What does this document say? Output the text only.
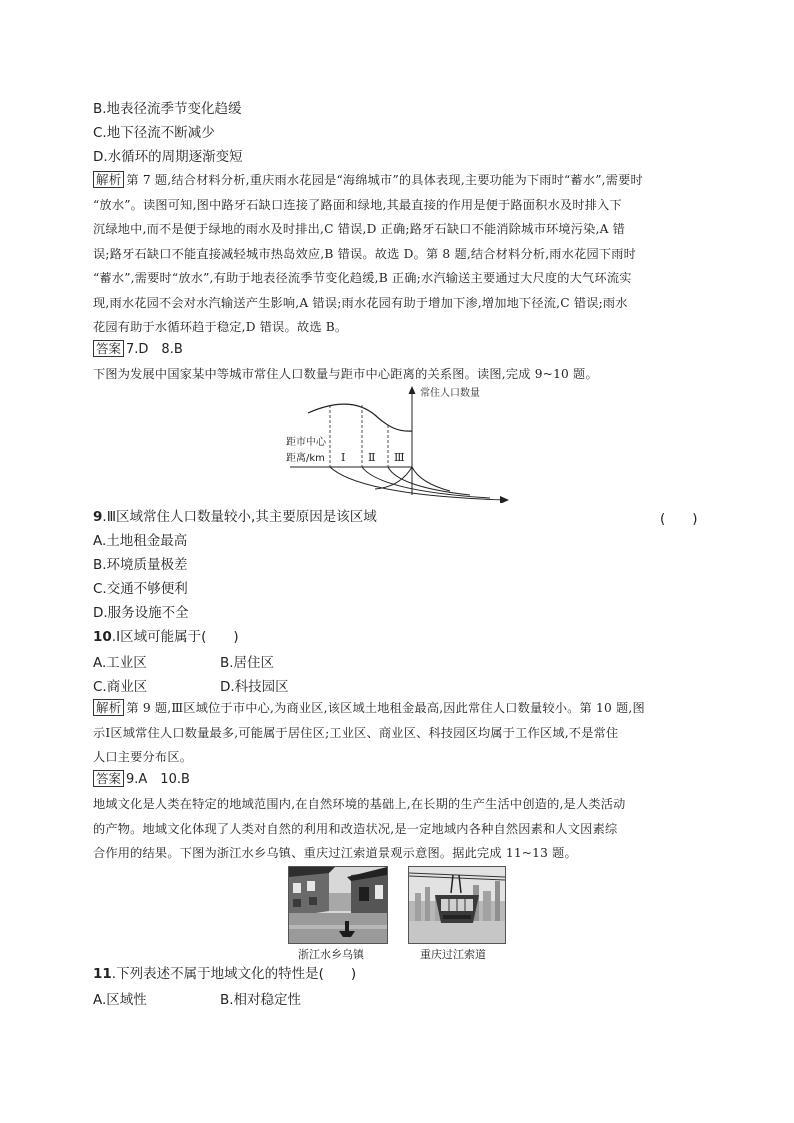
B.地表径流季节变化趋缓
C.地下径流不断减少
D.水循环的周期逐渐变短
解析 第 7 题,结合材料分析,重庆雨水花园是“海绵城市”的具体表现,主要功能为下雨时“蓄水”,需要时
“放水”。读图可知,图中路牙石缺口连接了路面和绿地,其最直接的作用是便于路面积水及时排入下
沉绿地中,而不是便于绿地的雨水及时排出,C 错误,D 正确;路牙石缺口不能消除城市环境污染,A 错
误;路牙石缺口不能直接减轻城市热岛效应,B 错误。故选 D。第 8 题,结合材料分析,雨水花园下雨时
“蓄水”,需要时“放水”,有助于地表径流季节变化趋缓,B 正确;水汽输送主要通过大尺度的大气环流实
现,雨水花园不会对水汽输送产生影响,A 错误;雨水花园有助于增加下渗,增加地下径流,C 错误;雨水
花园有助于水循环趋于稳定,D 错误。故选 B。
答案 7.D　8.B
下图为发展中国家某中等城市常住人口数量与距市中心距离的关系图。读图,完成 9~10 题。
常住人口数量
距市中心
距离/km Ⅰ Ⅱ Ⅲ
9.Ⅲ区域常住人口数量较小,其主要原因是该区域	(　　)
A.土地租金最高
B.环境质量极差
C.交通不够便利
D.服务设施不全
10.Ⅰ区域可能属于(　　)
A.工业区	B.居住区
C.商业区	D.科技园区
解析 第 9 题,Ⅲ区域位于市中心,为商业区,该区域土地租金最高,因此常住人口数量较小。第 10 题,图
示Ⅰ区域常住人口数量最多,可能属于居住区;工业区、商业区、科技园区均属于工作区域,不是常住
人口主要分布区。
答案 9.A　10.B
地域文化是人类在特定的地域范围内,在自然环境的基础上,在长期的生产生活中创造的,是人类活动
的产物。地域文化体现了人类对自然的利用和改造状况,是一定地域内各种自然因素和人文因素综
合作用的结果。下图为浙江水乡乌镇、重庆过江索道景观示意图。据此完成 11~13 题。
浙江水乡乌镇	重庆过江索道
11.下列表述不属于地域文化的特性是(　　)
A.区域性	B.相对稳定性
